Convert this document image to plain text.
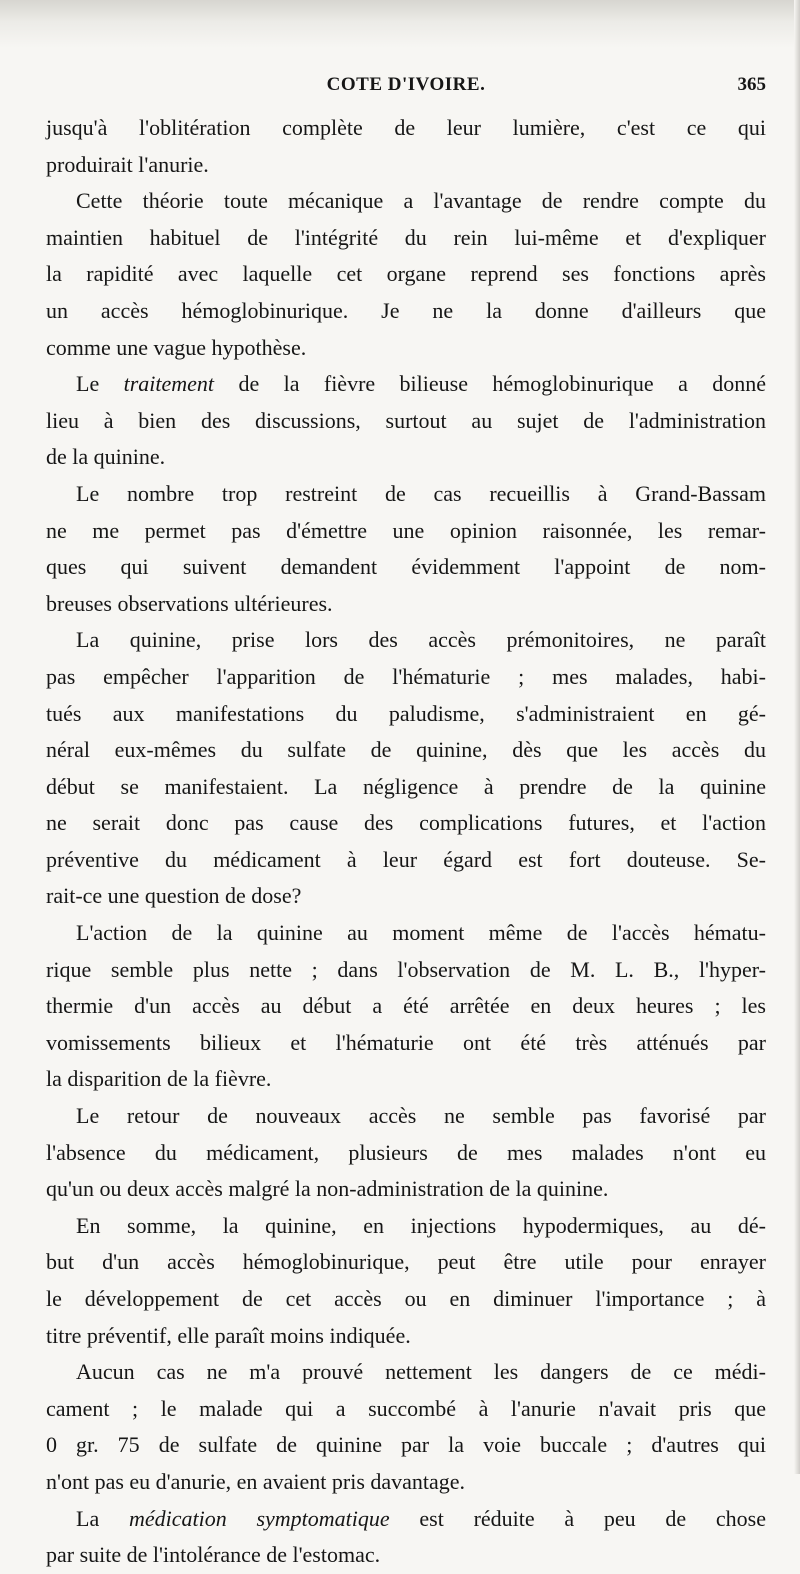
COTE D'IVOIRE.	365
jusqu'à l'oblitération complète de leur lumière, c'est ce qui
produirait l'anurie.
Cette théorie toute mécanique a l'avantage de rendre compte du
maintien habituel de l'intégrité du rein lui-même et d'expliquer
la rapidité avec laquelle cet organe reprend ses fonctions après
un accès hémoglobinurique. Je ne la donne d'ailleurs que
comme une vague hypothèse.
Le traitement de la fièvre bilieuse hémoglobinurique a donné
lieu à bien des discussions, surtout au sujet de l'administration
de la quinine.
Le nombre trop restreint de cas recueillis à Grand-Bassam
ne me permet pas d'émettre une opinion raisonnée, les remar-
ques qui suivent demandent évidemment l'appoint de nom-
breuses observations ultérieures.
La quinine, prise lors des accès prémonitoires, ne paraît
pas empêcher l'apparition de l'hématurie ; mes malades, habi-
tués aux manifestations du paludisme, s'administraient en gé-
néral eux-mêmes du sulfate de quinine, dès que les accès du
début se manifestaient. La négligence à prendre de la quinine
ne serait donc pas cause des complications futures, et l'action
préventive du médicament à leur égard est fort douteuse. Se-
rait-ce une question de dose?
L'action de la quinine au moment même de l'accès hématu-
rique semble plus nette ; dans l'observation de M. L. B., l'hyper-
thermie d'un accès au début a été arrêtée en deux heures ; les
vomissements bilieux et l'hématurie ont été très atténués par
la disparition de la fièvre.
Le retour de nouveaux accès ne semble pas favorisé par
l'absence du médicament, plusieurs de mes malades n'ont eu
qu'un ou deux accès malgré la non-administration de la quinine.
En somme, la quinine, en injections hypodermiques, au dé-
but d'un accès hémoglobinurique, peut être utile pour enrayer
le développement de cet accès ou en diminuer l'importance ; à
titre préventif, elle paraît moins indiquée.
Aucun cas ne m'a prouvé nettement les dangers de ce médi-
cament ; le malade qui a succombé à l'anurie n'avait pris que
0 gr. 75 de sulfate de quinine par la voie buccale ; d'autres qui
n'ont pas eu d'anurie, en avaient pris davantage.
La médication symptomatique est réduite à peu de chose
par suite de l'intolérance de l'estomac.
